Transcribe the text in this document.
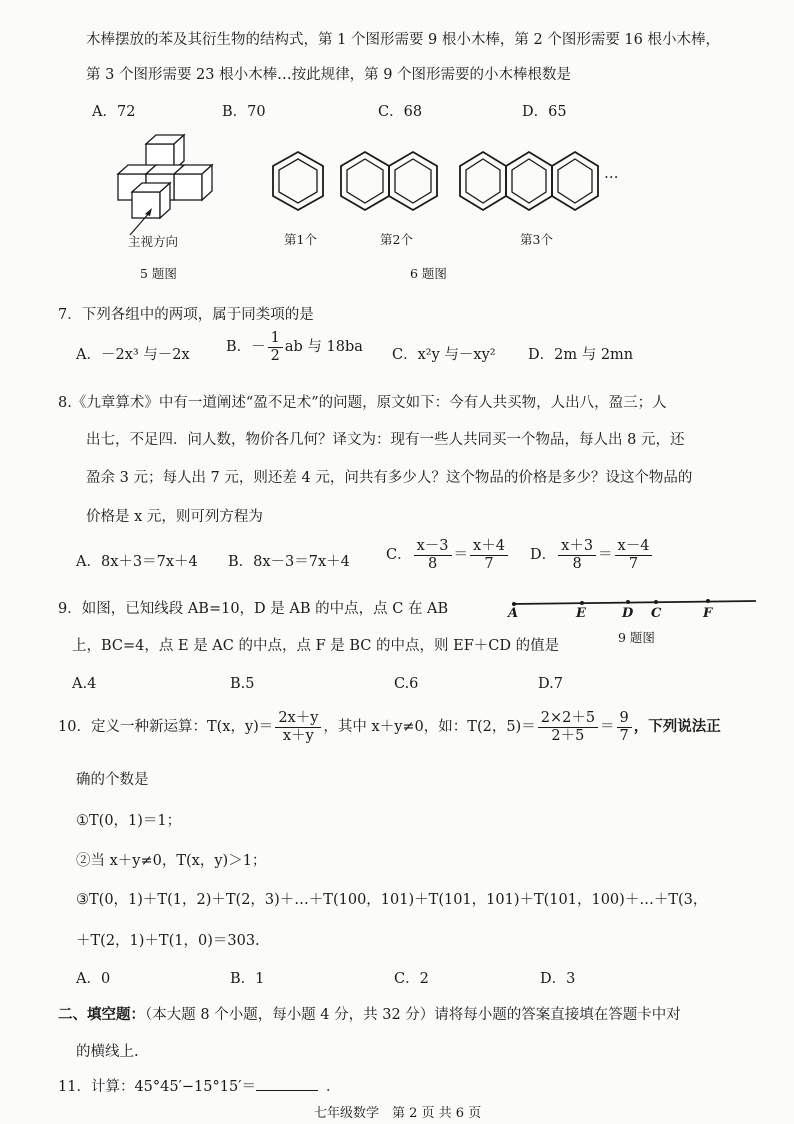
木棒摆放的苯及其衍生物的结构式，第 1 个图形需要 9 根小木棒，第 2 个图形需要 16 根小木棒，
第 3 个图形需要 23 根小木棒…按此规律，第 9 个图形需要的小木棒根数是
A．72	B．70	C．68	D．65
主视方向
5 题图
第1个	第2个
…
第3个
6 题图
7．下列各组中的两项，属于同类项的是
A．－2x³ 与－2x	B．－ $\frac{1}{2}$ ab 与 18ba C．x²y 与－xy² D．2m 与 2mn
8.《九章算术》中有一道阐述“盈不足术”的问题，原文如下：今有人共买物，人出八，盈三；人
出七，不足四．问人数，物价各几何？译文为：现有一些人共同买一个物品，每人出 8 元，还
盈余 3 元；每人出 7 元，则还差 4 元，问共有多少人？这个物品的价格是多少？设这个物品的
价格是 x 元，则可列方程为
A．8x＋3＝7x＋4 B．8x－3＝7x＋4 C． $\frac{x-3}{8} = \frac{x+4}{7}$ D． $\frac{x+3}{8} = \frac{x-4}{7}$
9．如图，已知线段 AB=10，D 是 AB 的中点，点 C 在 AB
上，BC=4，点 E 是 AC 的中点，点 F 是 BC 的中点，则 EF＋CD 的值是
A	E	D C	F
9 题图
A.4	B.5	C.6	D.7
10．定义一种新运算：T(x，$y)= \frac{2x+y}{x+y}$ ，其中 x＋y≠0，如：T(2，$5)= \frac{2\times 2+5}{2+5} = \frac{9}{7}$ ，下列说法正
确的个数是
①T(0，1)＝1；
②当 x＋y≠0，T(x，y)＞1；
③T(0，1)＋T(1，2)＋T(2，3)＋…＋T(100，101)＋T(101，101)＋T(101，100)＋…＋T(3，
＋T(2，1)＋T(1，0)＝303.
A．0	B．1	C．2	D．3
二、填空题：（本大题 8 个小题，每小题 4 分，共 32 分）请将每小题的答案直接填在答题卡中对
的横线上.
11．计算：45°45′−15°15′＝	．
七年级数学　第 2 页 共 6 页
